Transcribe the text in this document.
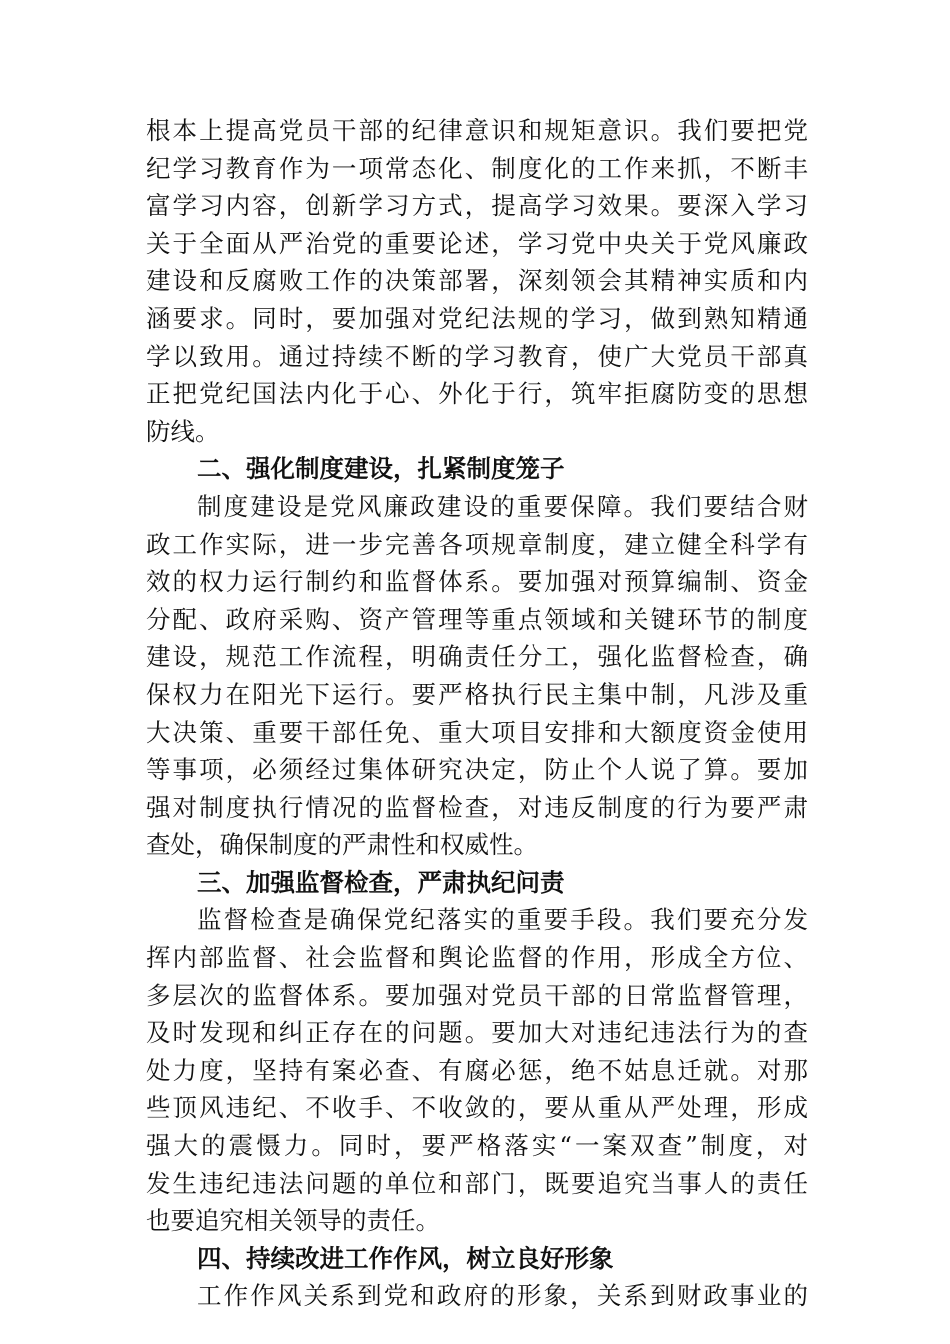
根本上提高党员干部的纪律意识和规矩意识。我们要把党
纪学习教育作为一项常态化、制度化的工作来抓，不断丰
富学习内容，创新学习方式，提高学习效果。要深入学习
关于全面从严治党的重要论述，学习党中央关于党风廉政
建设和反腐败工作的决策部署，深刻领会其精神实质和内
涵要求。同时，要加强对党纪法规的学习，做到熟知精通
学以致用。通过持续不断的学习教育，使广大党员干部真
正把党纪国法内化于心、外化于行，筑牢拒腐防变的思想
防线。
二、强化制度建设，扎紧制度笼子
制度建设是党风廉政建设的重要保障。我们要结合财
政工作实际，进一步完善各项规章制度，建立健全科学有
效的权力运行制约和监督体系。要加强对预算编制、资金
分配、政府采购、资产管理等重点领域和关键环节的制度
建设，规范工作流程，明确责任分工，强化监督检查，确
保权力在阳光下运行。要严格执行民主集中制，凡涉及重
大决策、重要干部任免、重大项目安排和大额度资金使用
等事项，必须经过集体研究决定，防止个人说了算。要加
强对制度执行情况的监督检查，对违反制度的行为要严肃
查处，确保制度的严肃性和权威性。
三、加强监督检查，严肃执纪问责
监督检查是确保党纪落实的重要手段。我们要充分发
挥内部监督、社会监督和舆论监督的作用，形成全方位、
多层次的监督体系。要加强对党员干部的日常监督管理，
及时发现和纠正存在的问题。要加大对违纪违法行为的查
处力度，坚持有案必查、有腐必惩，绝不姑息迁就。对那
些顶风违纪、不收手、不收敛的，要从重从严处理，形成
强大的震慑力。同时，要严格落实“一案双查”制度，对
发生违纪违法问题的单位和部门，既要追究当事人的责任
也要追究相关领导的责任。
四、持续改进工作作风，树立良好形象
工作作风关系到党和政府的形象，关系到财政事业的
